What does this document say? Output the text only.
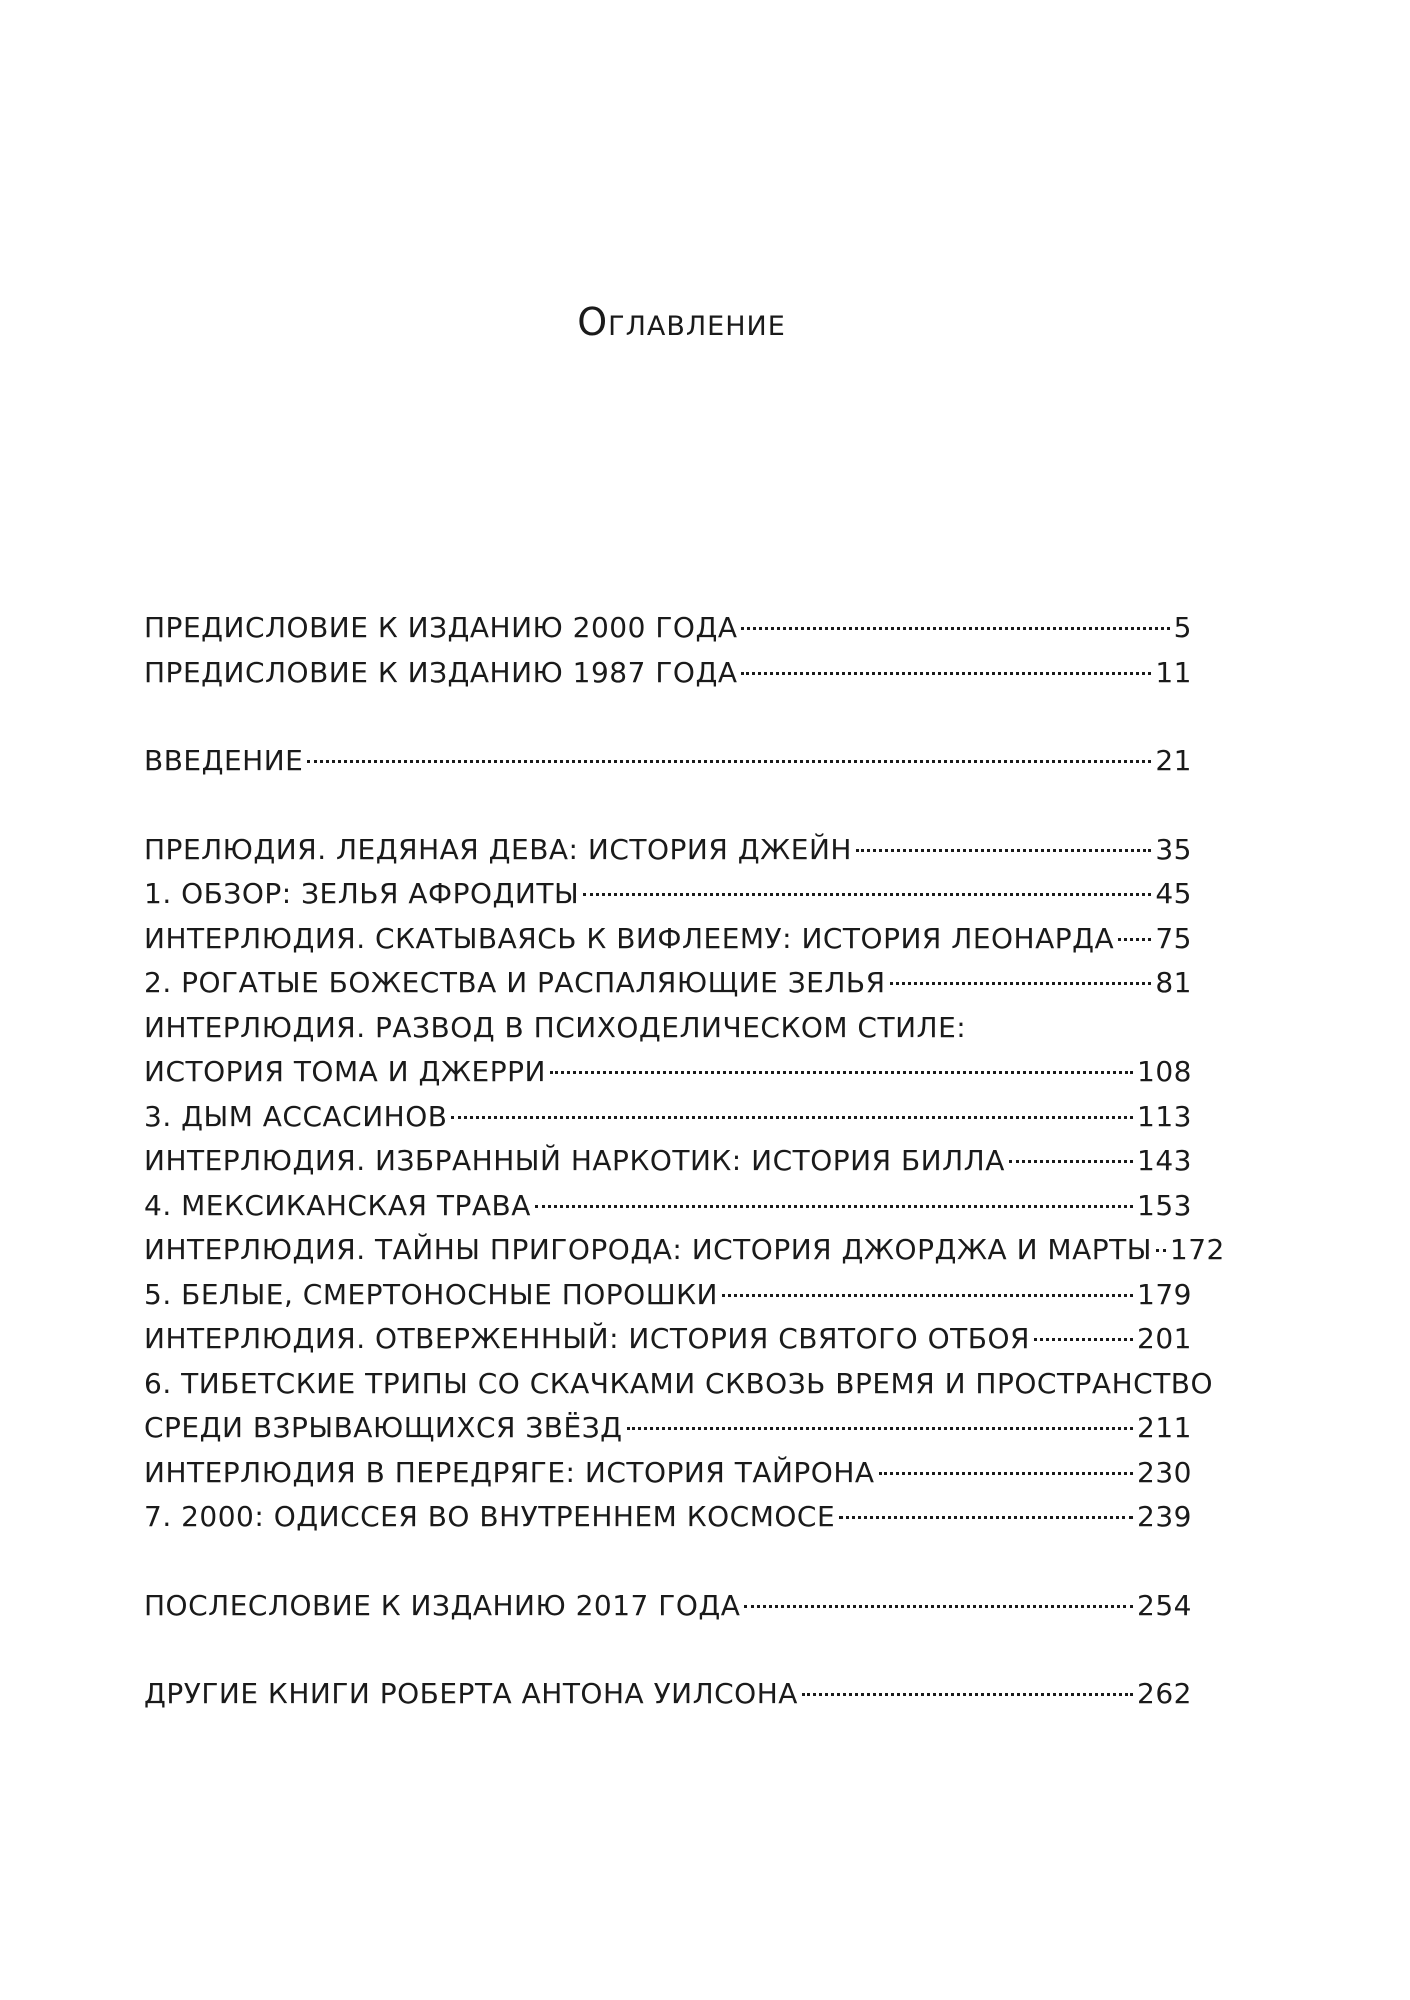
Оглавление
ПРЕДИСЛОВИЕ К ИЗДАНИЮ 2000 ГОДА	5
ПРЕДИСЛОВИЕ К ИЗДАНИЮ 1987 ГОДА	11
ВВЕДЕНИЕ	21
ПРЕЛЮДИЯ. ЛЕДЯНАЯ ДЕВА: ИСТОРИЯ ДЖЕЙН	35
1. ОБЗОР: ЗЕЛЬЯ АФРОДИТЫ	45
ИНТЕРЛЮДИЯ. СКАТЫВАЯСЬ К ВИФЛЕЕМУ: ИСТОРИЯ ЛЕОНАРДА 75
2. РОГАТЫЕ БОЖЕСТВА И РАСПАЛЯЮЩИЕ ЗЕЛЬЯ	81
ИНТЕРЛЮДИЯ. РАЗВОД В ПСИХОДЕЛИЧЕСКОМ СТИЛЕ:
ИСТОРИЯ ТОМА И ДЖЕРРИ	108
3. ДЫМ АССАСИНОВ	113
ИНТЕРЛЮДИЯ. ИЗБРАННЫЙ НАРКОТИК: ИСТОРИЯ БИЛЛА	143
4. МЕКСИКАНСКАЯ ТРАВА	153
ИНТЕРЛЮДИЯ. ТАЙНЫ ПРИГОРОДА: ИСТОРИЯ ДЖОРДЖА И МАРТЫ 172
5. БЕЛЫЕ, СМЕРТОНОСНЫЕ ПОРОШКИ	179
ИНТЕРЛЮДИЯ. ОТВЕРЖЕННЫЙ: ИСТОРИЯ СВЯТОГО ОТБОЯ	201
6. ТИБЕТСКИЕ ТРИПЫ СО СКАЧКАМИ СКВОЗЬ ВРЕМЯ И ПРОСТРАНСТВО
СРЕДИ ВЗРЫВАЮЩИХСЯ ЗВЁЗД	211
ИНТЕРЛЮДИЯ В ПЕРЕДРЯГЕ: ИСТОРИЯ ТАЙРОНА	230
7. 2000: ОДИССЕЯ ВО ВНУТРЕННЕМ КОСМОСЕ	239
ПОСЛЕСЛОВИЕ К ИЗДАНИЮ 2017 ГОДА	254
ДРУГИЕ КНИГИ РОБЕРТА АНТОНА УИЛСОНА	262
